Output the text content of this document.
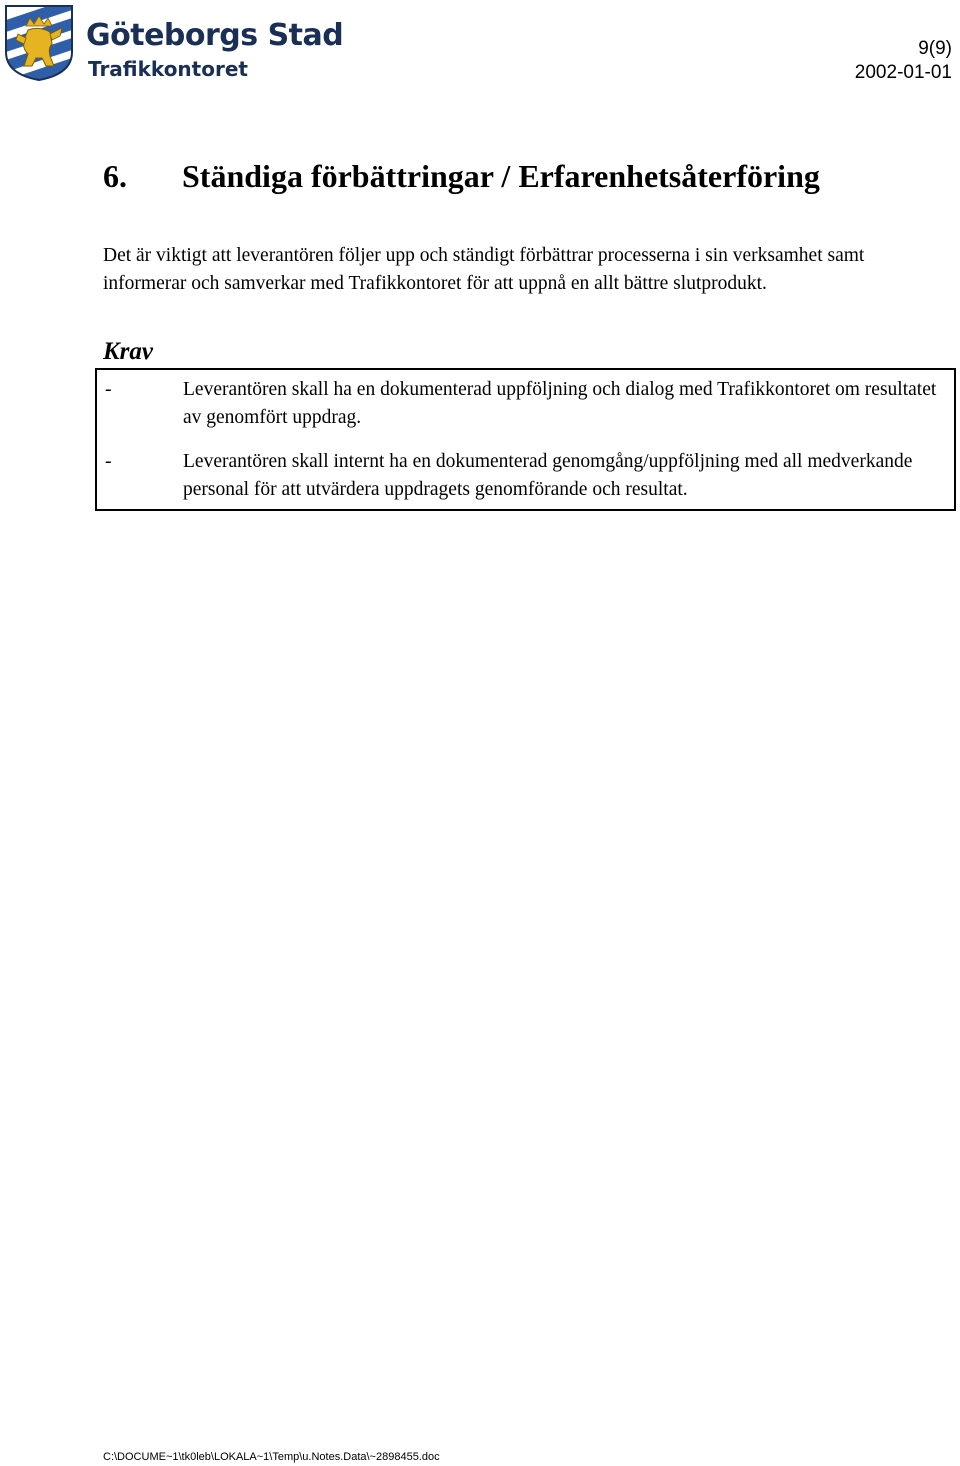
Göteborgs Stad
Trafikkontoret
9(9)
2002-01-01
6. Ständiga förbättringar / Erfarenhetsåterföring
Det är viktigt att leverantören följer upp och ständigt förbättrar processerna i sin verksamhet samt informerar och samverkar med Trafikkontoret för att uppnå en allt bättre slutprodukt.
Krav
-	Leverantören skall ha en dokumenterad uppföljning och dialog med Trafikkontoret om resultatet av genomfört uppdrag.
-	Leverantören skall internt ha en dokumenterad genomgång/uppföljning med all medverkande personal för att utvärdera uppdragets genomförande och resultat.
C:\DOCUME~1\tk0leb\LOKALA~1\Temp\u.Notes.Data\~2898455.doc
